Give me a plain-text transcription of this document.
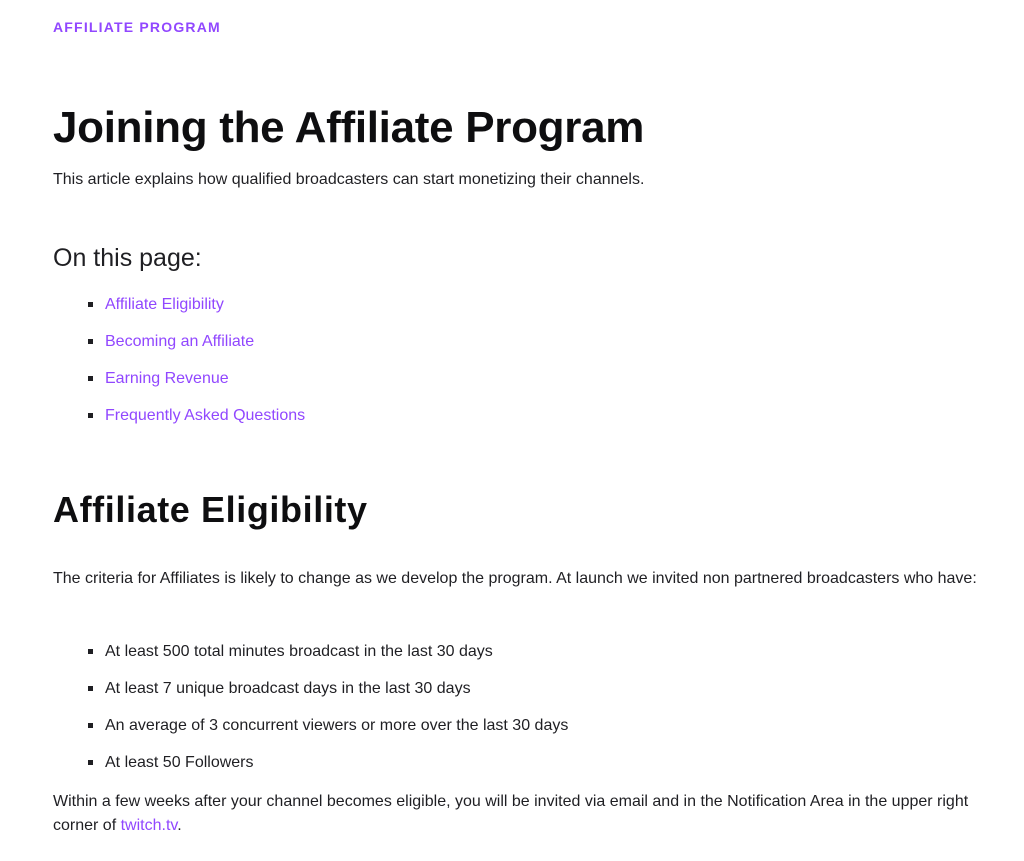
AFFILIATE PROGRAM

Joining the Affiliate Program

This article explains how qualified broadcasters can start monetizing their channels.

On this page:
Affiliate Eligibility
Becoming an Affiliate
Earning Revenue
Frequently Asked Questions
Affiliate Eligibility

The criteria for Affiliates is likely to change as we develop the program. At launch we invited non partnered broadcasters who have:

At least 500 total minutes broadcast in the last 30 days
At least 7 unique broadcast days in the last 30 days
An average of 3 concurrent viewers or more over the last 30 days
At least 50 Followers

Within a few weeks after your channel becomes eligible, you will be invited via email and in the Notification Area in the upper right corner of twitch.tv.
